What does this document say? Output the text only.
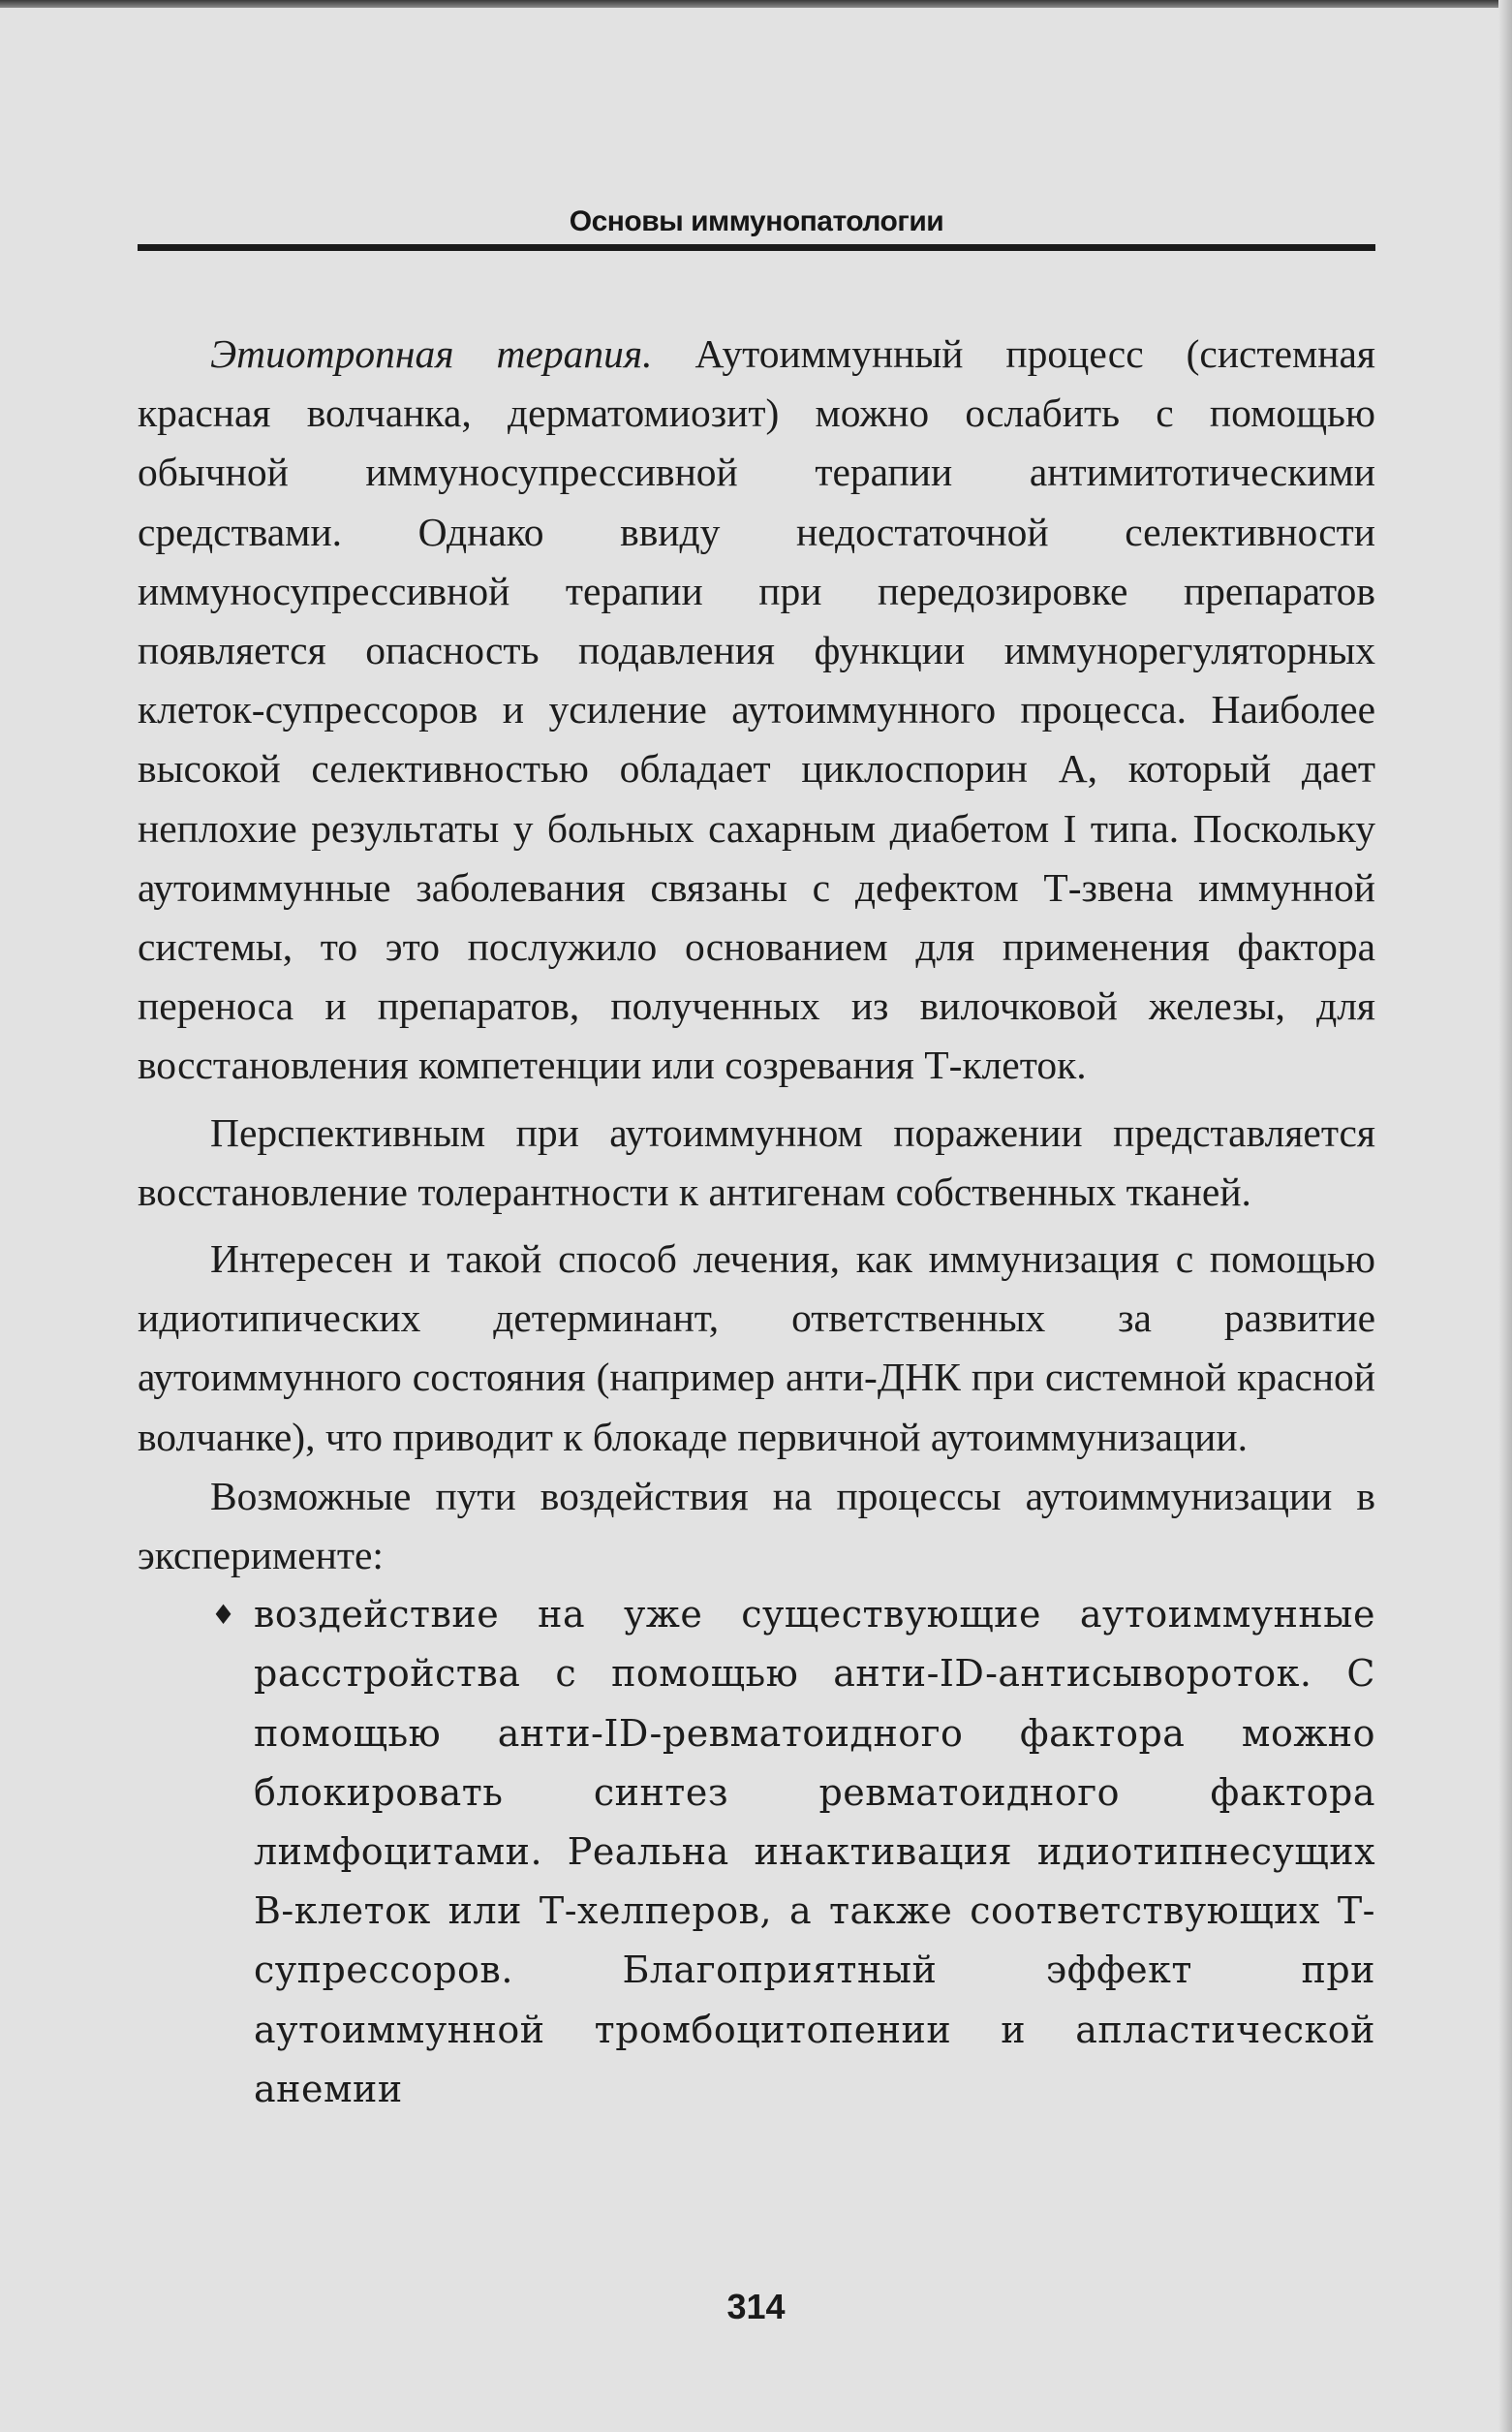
Основы иммунопатологии

Этиотропная терапия. Аутоиммунный процесс (системная красная волчанка, дерматомиозит) можно ослабить с помощью обычной иммуносупрессивной терапии антимитотическими средствами. Однако ввиду недостаточной селективности иммуносупрессивной терапии при передозировке препаратов появляется опасность подавления функции иммунорегуляторных клеток-супрессоров и усиление аутоиммунного процесса. Наиболее высокой селективностью обладает циклоспорин А, который дает неплохие результаты у больных сахарным диабетом I типа. Поскольку аутоиммунные заболевания связаны с дефектом Т-звена иммунной системы, то это послужило основанием для применения фактора переноса и препаратов, полученных из вилочковой железы, для восстановления компетенции или созревания Т-клеток.

Перспективным при аутоиммунном поражении представляется восстановление толерантности к антигенам собственных тканей.

Интересен и такой способ лечения, как иммунизация с помощью идиотипических детерминант, ответственных за развитие аутоиммунного состояния (например анти-ДНК при системной красной волчанке), что приводит к блокаде первичной аутоиммунизации.

Возможные пути воздействия на процессы аутоиммунизации в эксперименте:

♦ воздействие на уже существующие аутоиммунные расстройства с помощью анти-ID-антисывороток. С помощью анти-ID-ревматоидного фактора можно блокировать синтез ревматоидного фактора лимфоцитами. Реальна инактивация идиотипнесущих В-клеток или Т-хелперов, а также соответствующих Т-супрессоров. Благоприятный эффект при аутоиммунной тромбоцитопении и апластической анемии
314
